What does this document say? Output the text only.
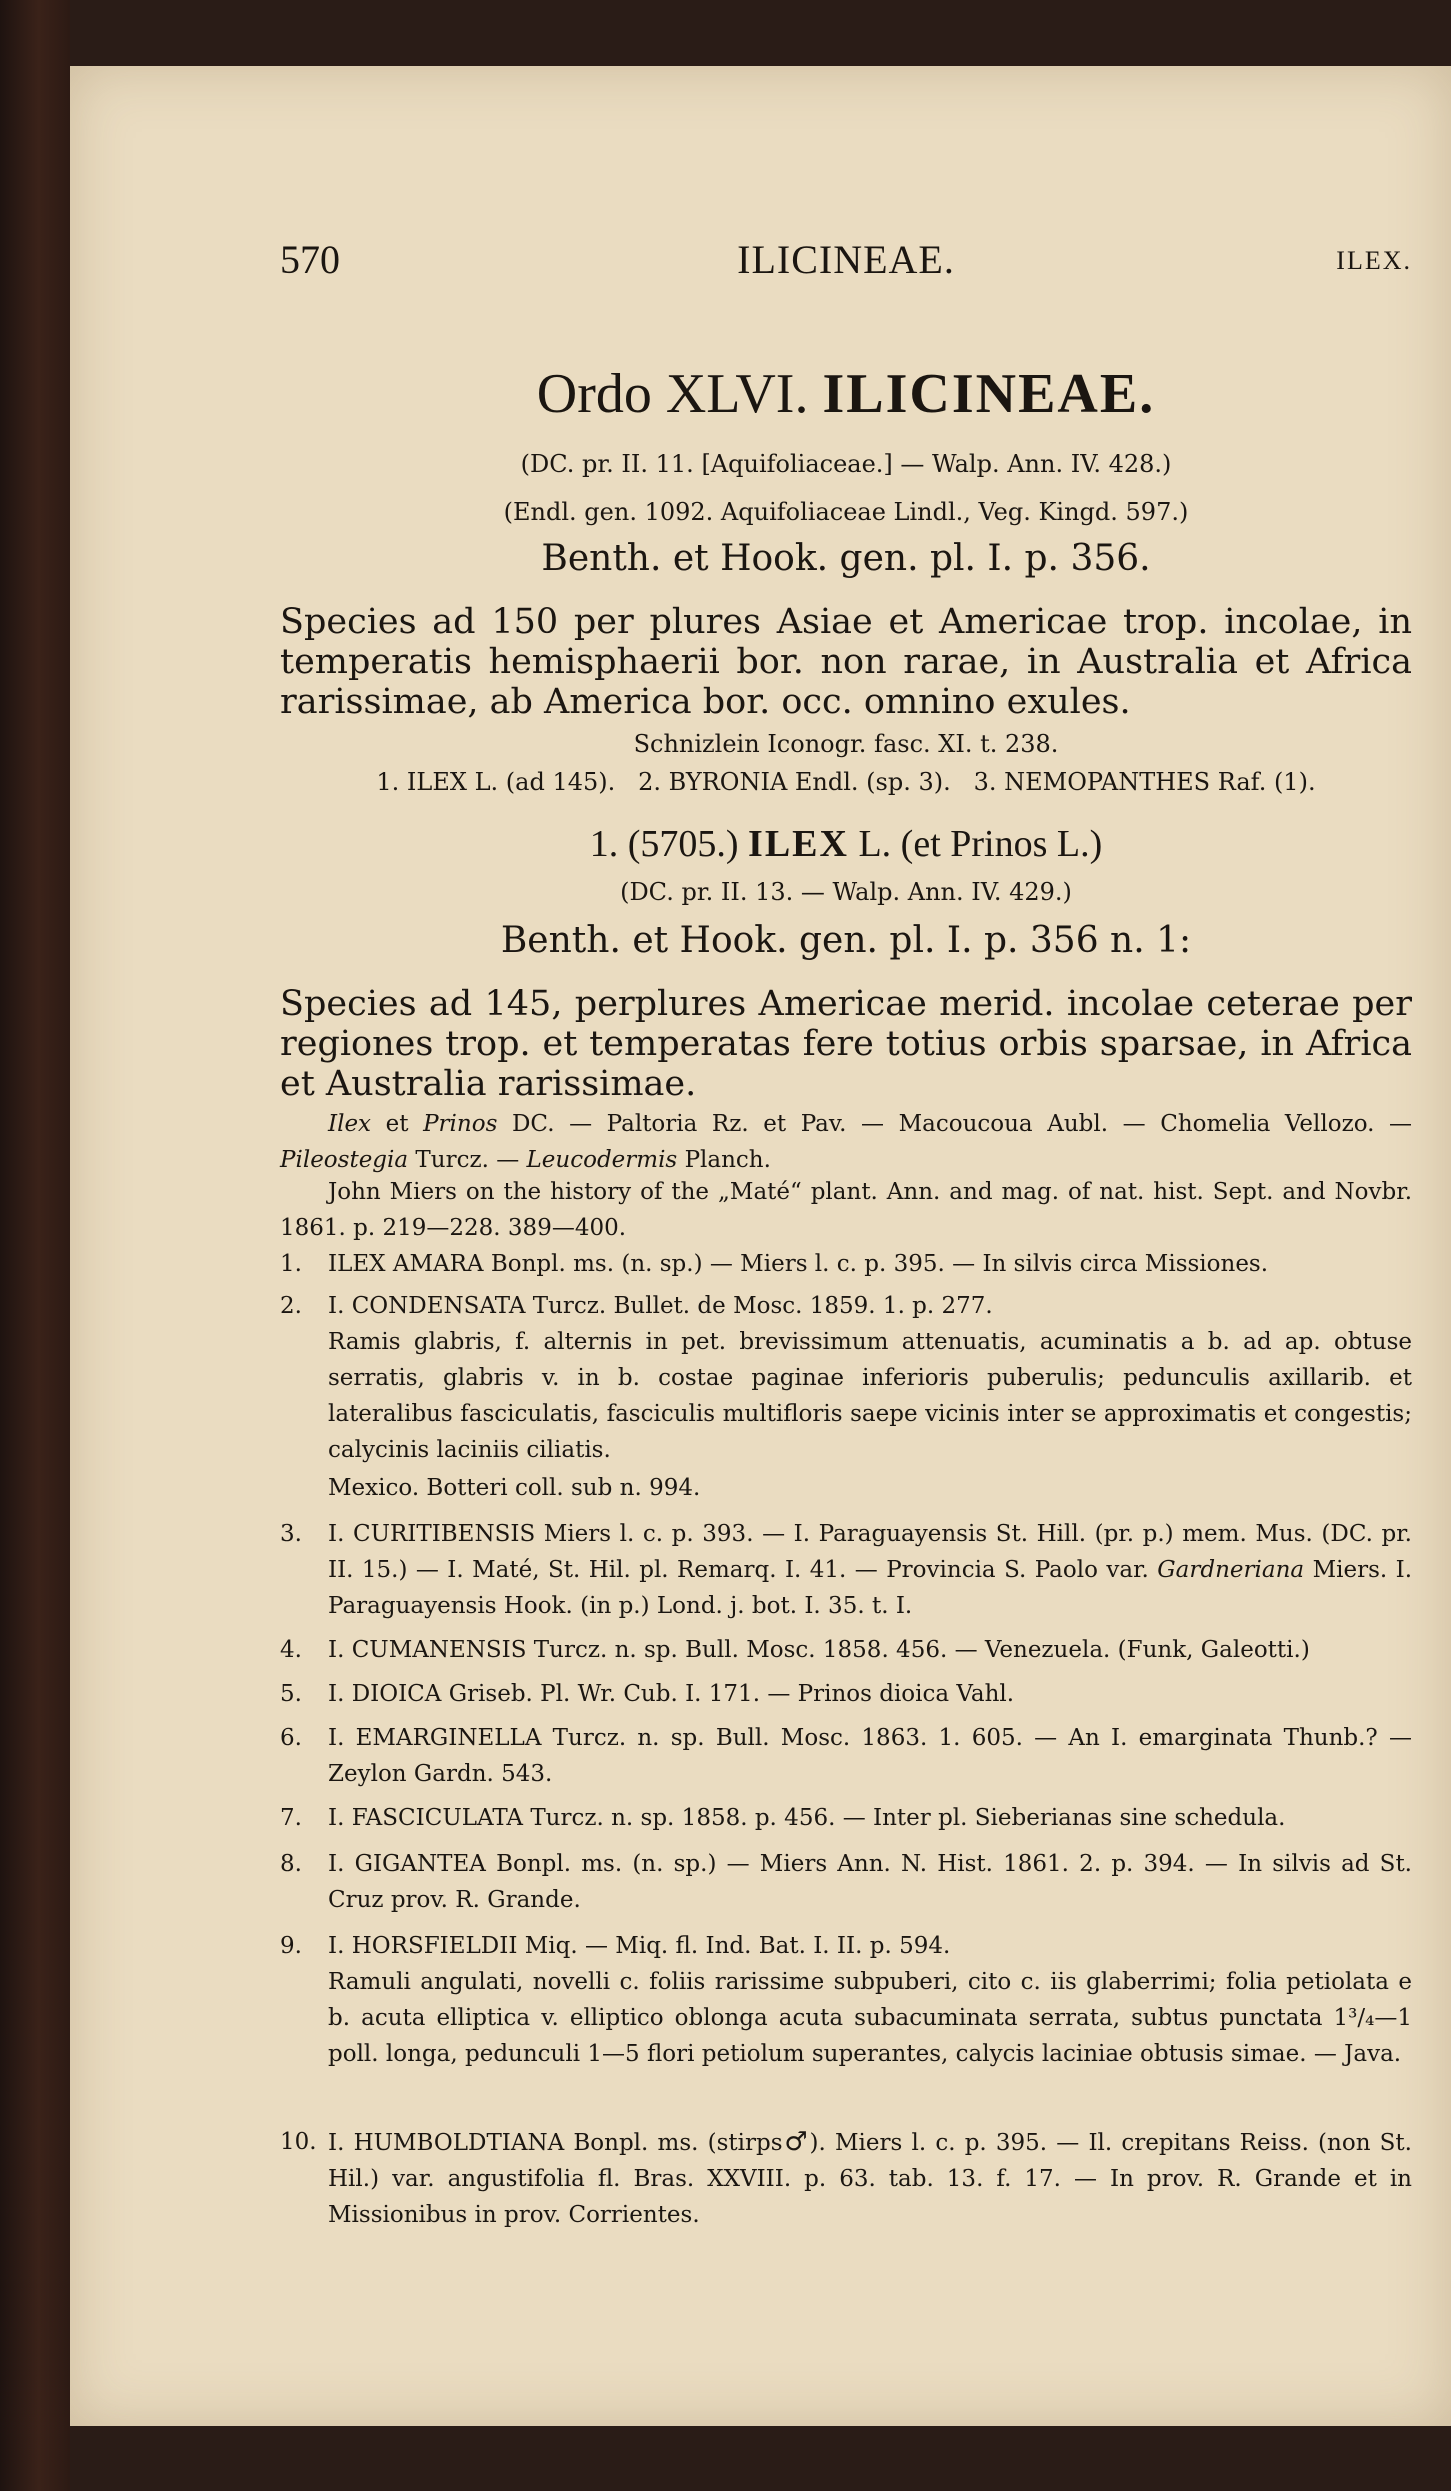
ILICINEAE.
570	ILEX.
Ordo XLVI. ILICINEAE.
(DC. pr. II. 11. [Aquifoliaceae.] — Walp. Ann. IV. 428.)
(Endl. gen. 1092. Aquifoliaceae Lindl., Veg. Kingd. 597.)
Benth. et Hook. gen. pl. I. p. 356.

Species ad 150 per plures Asiae et Americae trop. incolae, in temperatis hemisphaerii bor. non rarae, in Australia et Africa rarissimae, ab America bor. occ. omnino exules.

Schnizlein Iconogr. fasc. XI. t. 238.
1. ILEX L. (ad 145).   2. BYRONIA Endl. (sp. 3).   3. NEMOPANTHES Raf. (1).
1. (5705.) ILEX L. (et Prinos L.)
(DC. pr. II. 13. — Walp. Ann. IV. 429.)
Benth. et Hook. gen. pl. I. p. 356 n. 1:

Species ad 145, perplures Americae merid. incolae ceterae per regiones trop. et temperatas fere totius orbis sparsae, in Africa et Australia rarissimae.

Ilex et Prinos DC. — Paltoria Rz. et Pav. — Macoucoua Aubl. — Chomelia Vellozo. — Pileostegia Turcz. — Leucodermis Planch.

John Miers on the history of the „Maté“ plant. Ann. and mag. of nat. hist. Sept. and Novbr. 1861. p. 219—228. 389—400.

1.	ILEX AMARA Bonpl. ms. (n. sp.) — Miers l. c. p. 395. — In silvis circa Missiones.
2.	I. CONDENSATA Turcz. Bullet. de Mosc. 1859. 1. p. 277.

Ramis glabris, f. alternis in pet. brevissimum attenuatis, acuminatis a b. ad ap. obtuse serratis, glabris v. in b. costae paginae inferioris puberulis; pedunculis axillarib. et lateralibus fasciculatis, fasciculis multifloris saepe vicinis inter se approximatis et congestis; calycinis laciniis ciliatis.

Mexico. Botteri coll. sub n. 994.

3.	I. CURITIBENSIS Miers l. c. p. 393. — I. Paraguayensis St. Hill. (pr. p.) mem. Mus. (DC. pr. II. 15.) — I. Maté, St. Hil. pl. Remarq. I. 41. — Provincia S. Paolo var. Gardneriana Miers. I. Paraguayensis Hook. (in p.) Lond. j. bot. I. 35. t. I.
4.	I. CUMANENSIS Turcz. n. sp. Bull. Mosc. 1858. 456. — Venezuela. (Funk, Galeotti.)
5.	I. DIOICA Griseb. Pl. Wr. Cub. I. 171. — Prinos dioica Vahl.
6.	I. EMARGINELLA Turcz. n. sp. Bull. Mosc. 1863. 1. 605. — An I. emarginata Thunb.? — Zeylon Gardn. 543.
7.	I. FASCICULATA Turcz. n. sp. 1858. p. 456. — Inter pl. Sieberianas sine schedula.
8.	I. GIGANTEA Bonpl. ms. (n. sp.) — Miers Ann. N. Hist. 1861. 2. p. 394. — In silvis ad St. Cruz prov. R. Grande.
9.	I. HORSFIELDII Miq. — Miq. fl. Ind. Bat. I. II. p. 594.

Ramuli angulati, novelli c. foliis rarissime subpuberi, cito c. iis glaberrimi; folia petiolata e b. acuta elliptica v. elliptico oblonga acuta subacuminata serrata, subtus punctata 1³/₄—1 poll. longa, pedunculi 1—5 flori petiolum superantes, calycis laciniae obtusis simae. — Java.

10. I. HUMBOLDTIANA Bonpl. ms. (stirps♂). Miers l. c. p. 395. — Il. crepitans Reiss. (non St. Hil.) var. angustifolia fl. Bras. XXVIII. p. 63. tab. 13. f. 17. — In prov. R. Grande et in Missionibus in prov. Corrientes.
